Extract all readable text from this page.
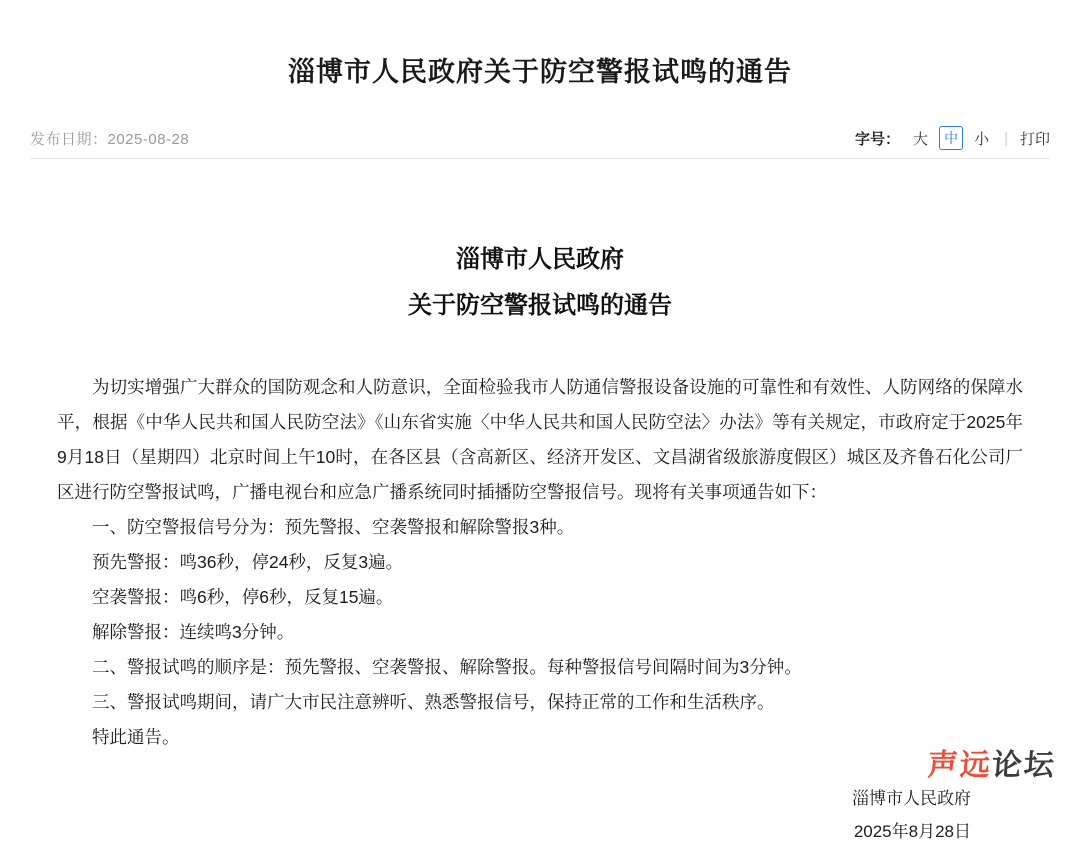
淄博市人民政府关于防空警报试鸣的通告
发布日期：2025-08-28	字号： 大	中	小 | 打印
淄博市人民政府
关于防空警报试鸣的通告

为切实增强广大群众的国防观念和人防意识，全面检验我市人防通信警报设备设施的可靠性和有效性、人防网络的保障水平，根据《中华人民共和国人民防空法》《山东省实施〈中华人民共和国人民防空法〉办法》等有关规定，市政府定于2025年9月18日（星期四）北京时间上午10时，在各区县（含高新区、经济开发区、文昌湖省级旅游度假区）城区及齐鲁石化公司厂区进行防空警报试鸣，广播电视台和应急广播系统同时插播防空警报信号。现将有关事项通告如下：

一、防空警报信号分为：预先警报、空袭警报和解除警报3种。

预先警报：鸣36秒，停24秒，反复3遍。

空袭警报：鸣6秒，停6秒，反复15遍。

解除警报：连续鸣3分钟。

二、警报试鸣的顺序是：预先警报、空袭警报、解除警报。每种警报信号间隔时间为3分钟。

三、警报试鸣期间，请广大市民注意辨听、熟悉警报信号，保持正常的工作和生活秩序。

特此通告。

淄博市人民政府
2025年8月28日
声远论坛
